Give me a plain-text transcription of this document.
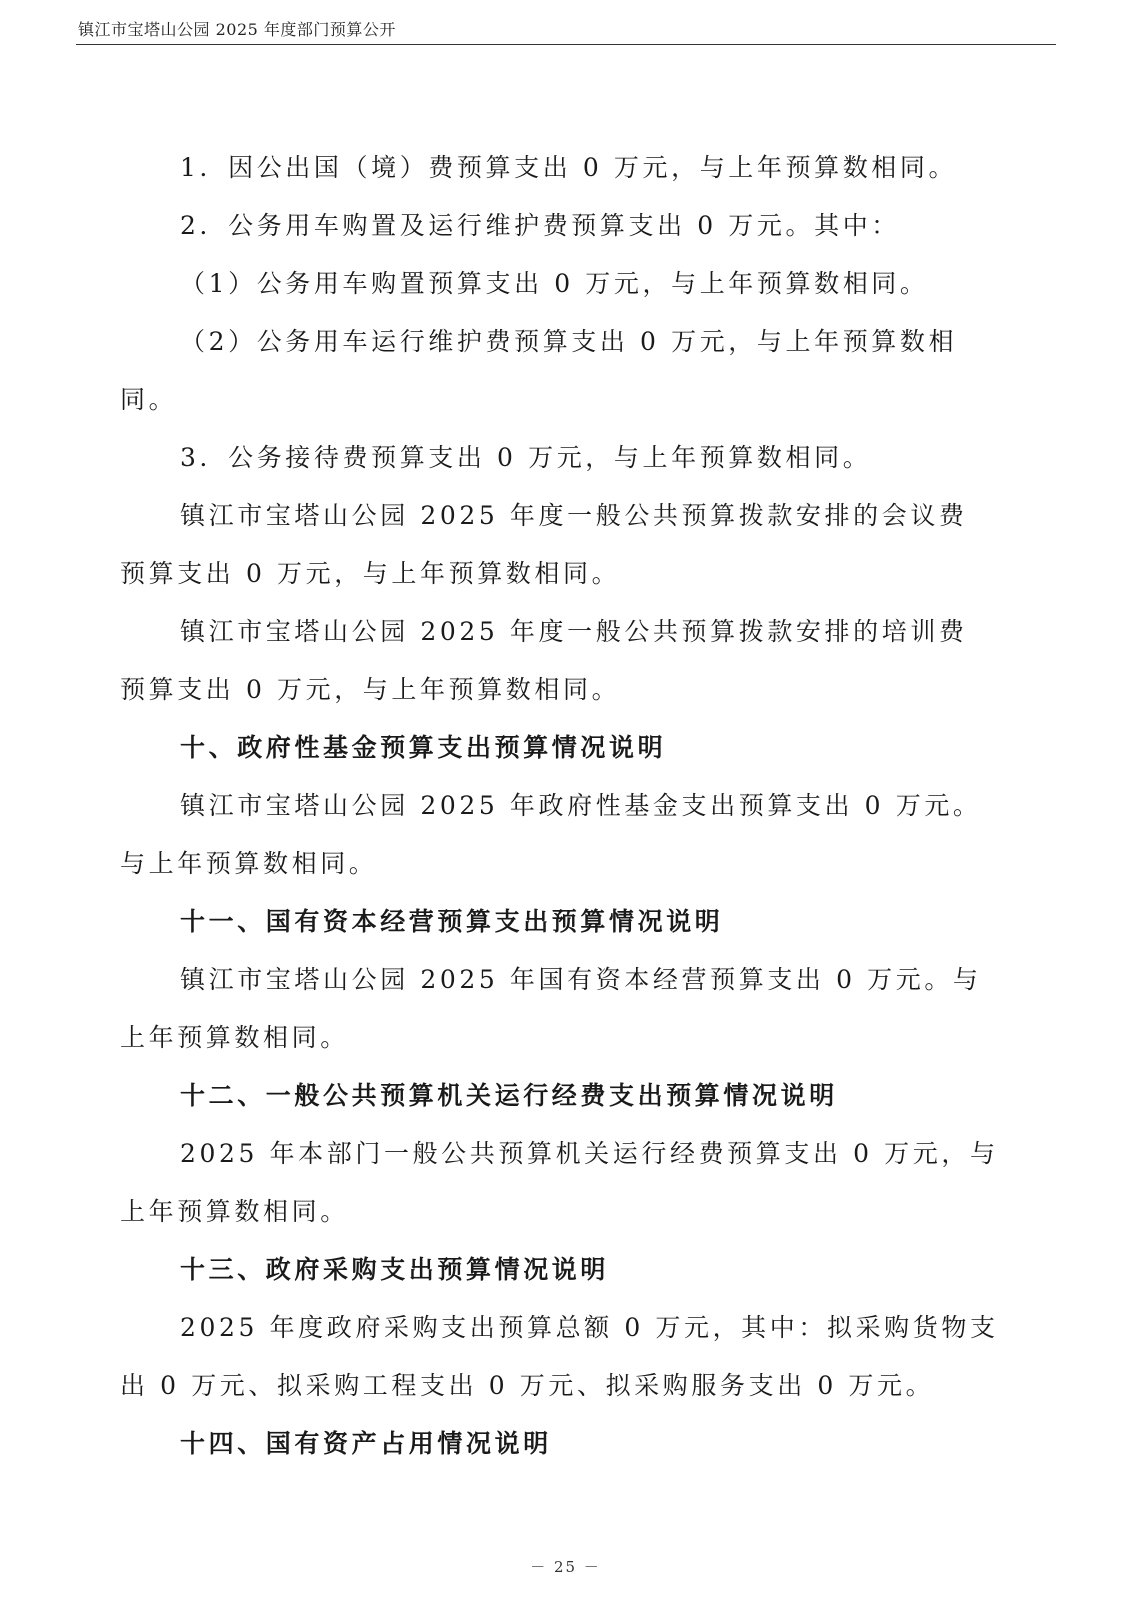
镇江市宝塔山公园 2025 年度部门预算公开
1．因公出国（境）费预算支出 0 万元，与上年预算数相同。
2．公务用车购置及运行维护费预算支出 0 万元。其中：
（1）公务用车购置预算支出 0 万元，与上年预算数相同。
（2）公务用车运行维护费预算支出 0 万元，与上年预算数相
同。
3．公务接待费预算支出 0 万元，与上年预算数相同。
镇江市宝塔山公园 2025 年度一般公共预算拨款安排的会议费
预算支出 0 万元，与上年预算数相同。
镇江市宝塔山公园 2025 年度一般公共预算拨款安排的培训费
预算支出 0 万元，与上年预算数相同。
十、政府性基金预算支出预算情况说明
镇江市宝塔山公园 2025 年政府性基金支出预算支出 0 万元。
与上年预算数相同。
十一、国有资本经营预算支出预算情况说明
镇江市宝塔山公园 2025 年国有资本经营预算支出 0 万元。与
上年预算数相同。
十二、一般公共预算机关运行经费支出预算情况说明
2025 年本部门一般公共预算机关运行经费预算支出 0 万元，与
上年预算数相同。
十三、政府采购支出预算情况说明
2025 年度政府采购支出预算总额 0 万元，其中：拟采购货物支
出 0 万元、拟采购工程支出 0 万元、拟采购服务支出 0 万元。
十四、国有资产占用情况说明
－ 25 －
